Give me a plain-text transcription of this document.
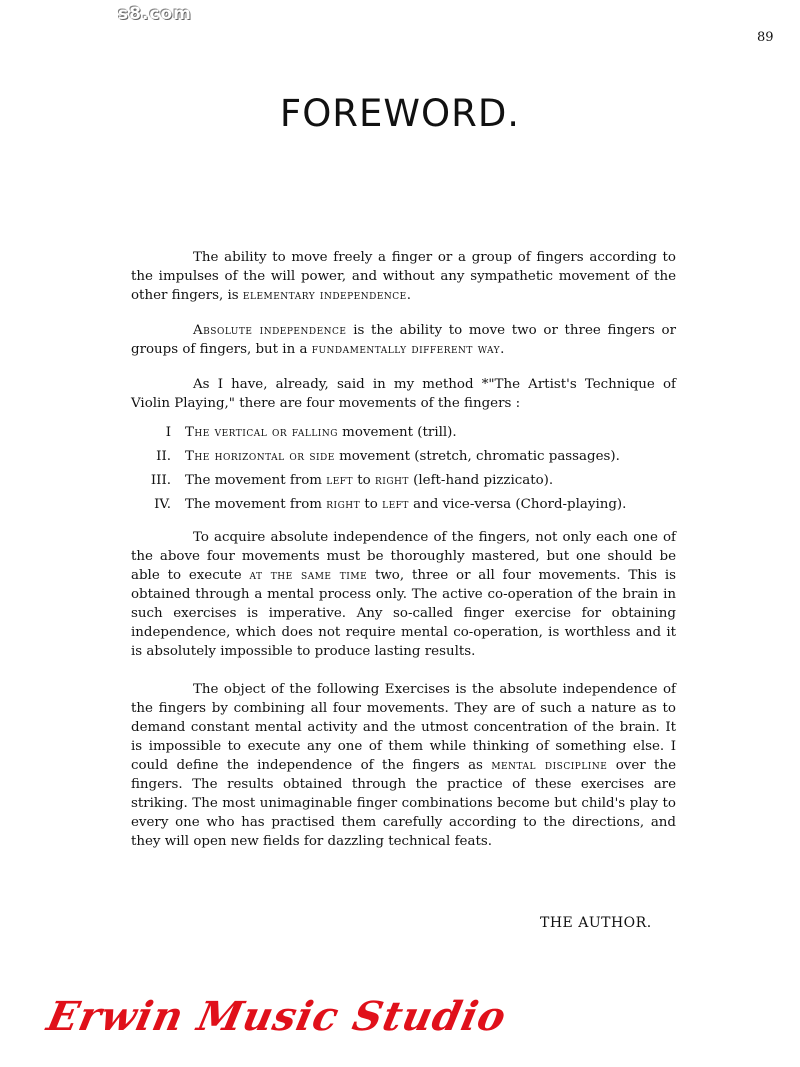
s8.com
89
FOREWORD.

The ability to move freely a finger or a group of fingers according to the impulses of the will power, and without any sympathetic movement of the other fingers, is elementary independence.

Absolute independence is the ability to move two or three fingers or groups of fingers, but in a fundamentally different way.

As I have, already, said in my method *"The Artist's Technique of Violin Playing," there are four movements of the fingers :

I	The vertical or falling movement (trill).
II.	The horizontal or side movement (stretch, chromatic passages).
III.	The movement from left to right (left-hand pizzicato).
IV.	The movement from right to left and vice-versa (Chord-playing).

To acquire absolute independence of the fingers, not only each one of the above four movements must be thoroughly mastered, but one should be able to execute at the same time two, three or all four movements. This is obtained through a mental process only. The active co-operation of the brain in such exercises is imperative. Any so-called finger exercise for obtaining independence, which does not require mental co-operation, is worthless and it is absolutely impossible to produce lasting results.

The object of the following Exercises is the absolute independence of the fingers by combining all four movements. They are of such a nature as to demand constant mental activity and the utmost concentration of the brain. It is impossible to execute any one of them while thinking of something else. I could define the independence of the fingers as mental discipline over the fingers. The results obtained through the practice of these exercises are striking. The most unimaginable finger combinations become but child's play to every one who has practised them carefully according to the directions, and they will open new fields for dazzling technical feats.

THE AUTHOR.
Erwin Music Studio
